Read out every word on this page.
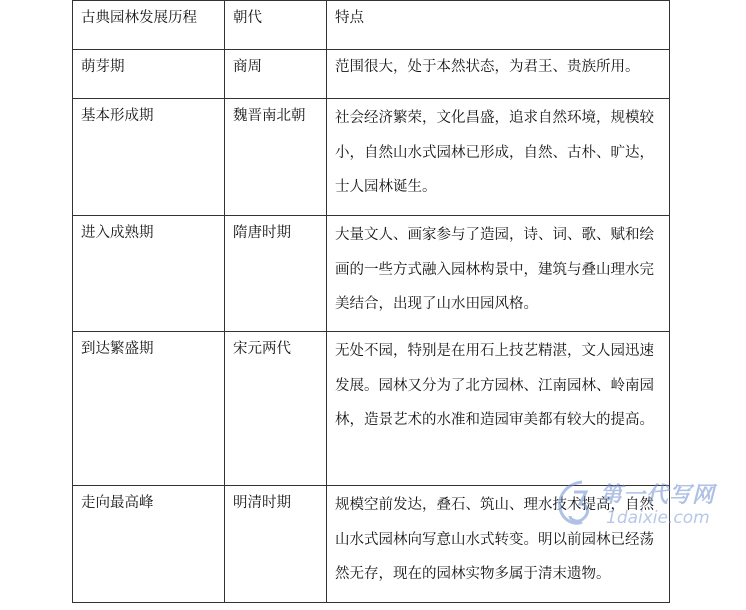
古典园林发展历程	朝代	特点
萌芽期	商周	范围很大，处于本然状态，为君王、贵族所用。
基本形成期	魏晋南北朝	社会经济繁荣，文化昌盛，追求自然环境，规模较小，自然山水式园林已形成，自然、古朴、旷达，士人园林诞生。
进入成熟期	隋唐时期	大量文人、画家参与了造园，诗、词、歌、赋和绘画的一些方式融入园林构景中，建筑与叠山理水完美结合，出现了山水田园风格。
到达繁盛期	宋元两代	无处不园，特别是在用石上技艺精湛，文人园迅速发展。园林又分为了北方园林、江南园林、岭南园林，造景艺术的水准和造园审美都有较大的提高。
走向最高峰	明清时期	规模空前发达，叠石、筑山、理水技术提高，自然山水式园林向写意山水式转变。明以前园林已经荡然无存，现在的园林实物多属于清末遗物。
第一代写网
1daixie.com
